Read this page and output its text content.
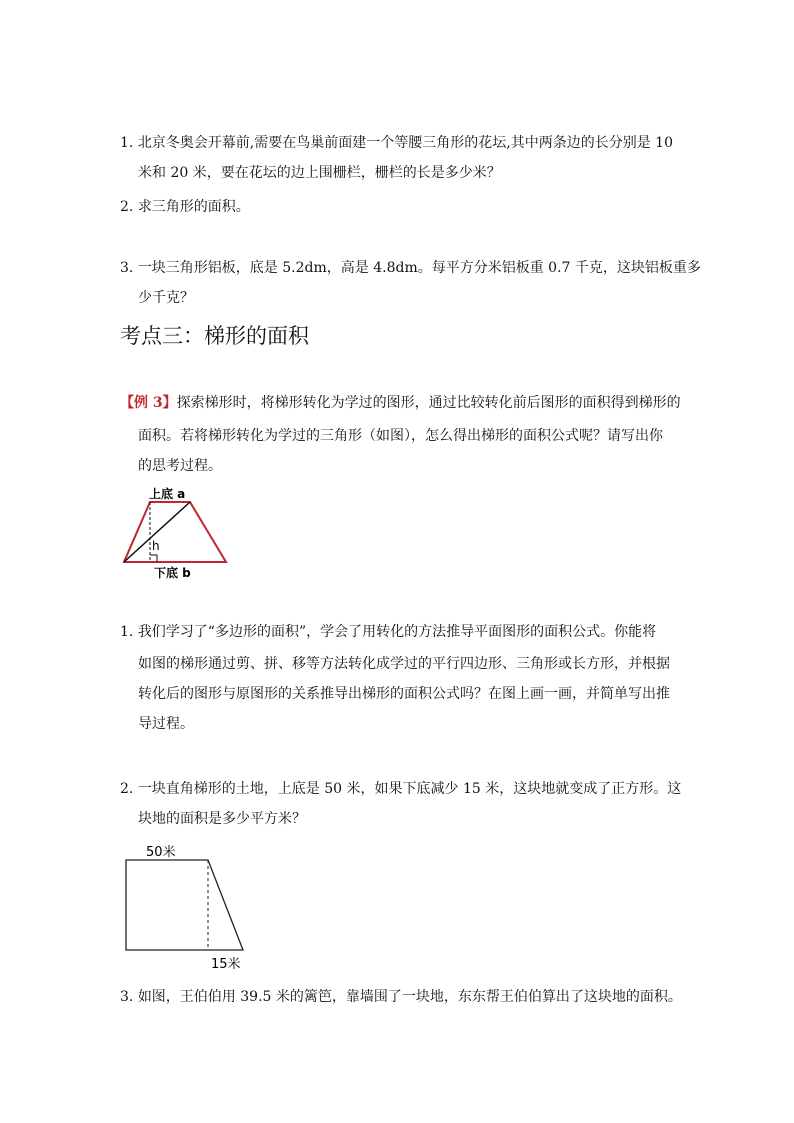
1. 北京冬奥会开幕前,需要在鸟巢前面建一个等腰三角形的花坛,其中两条边的长分别是 10
米和 20 米，要在花坛的边上围栅栏，栅栏的长是多少米？
2. 求三角形的面积。
3. 一块三角形铝板，底是 5.2dm，高是 4.8dm。每平方分米铝板重 0.7 千克，这块铝板重多
少千克？
考点三：梯形的面积
【例 3】探索梯形时，将梯形转化为学过的图形，通过比较转化前后图形的面积得到梯形的
面积。若将梯形转化为学过的三角形（如图），怎么得出梯形的面积公式呢？请写出你
的思考过程。
上底 a
h
下底 b
1. 我们学习了“多边形的面积”，学会了用转化的方法推导平面图形的面积公式。你能将
如图的梯形通过剪、拼、移等方法转化成学过的平行四边形、三角形或长方形，并根据
转化后的图形与原图形的关系推导出梯形的面积公式吗？在图上画一画，并简单写出推
导过程。
2. 一块直角梯形的土地，上底是 50 米，如果下底减少 15 米，这块地就变成了正方形。这
块地的面积是多少平方米？
50米
15米
3. 如图，王伯伯用 39.5 米的篱笆，靠墙围了一块地，东东帮王伯伯算出了这块地的面积。
